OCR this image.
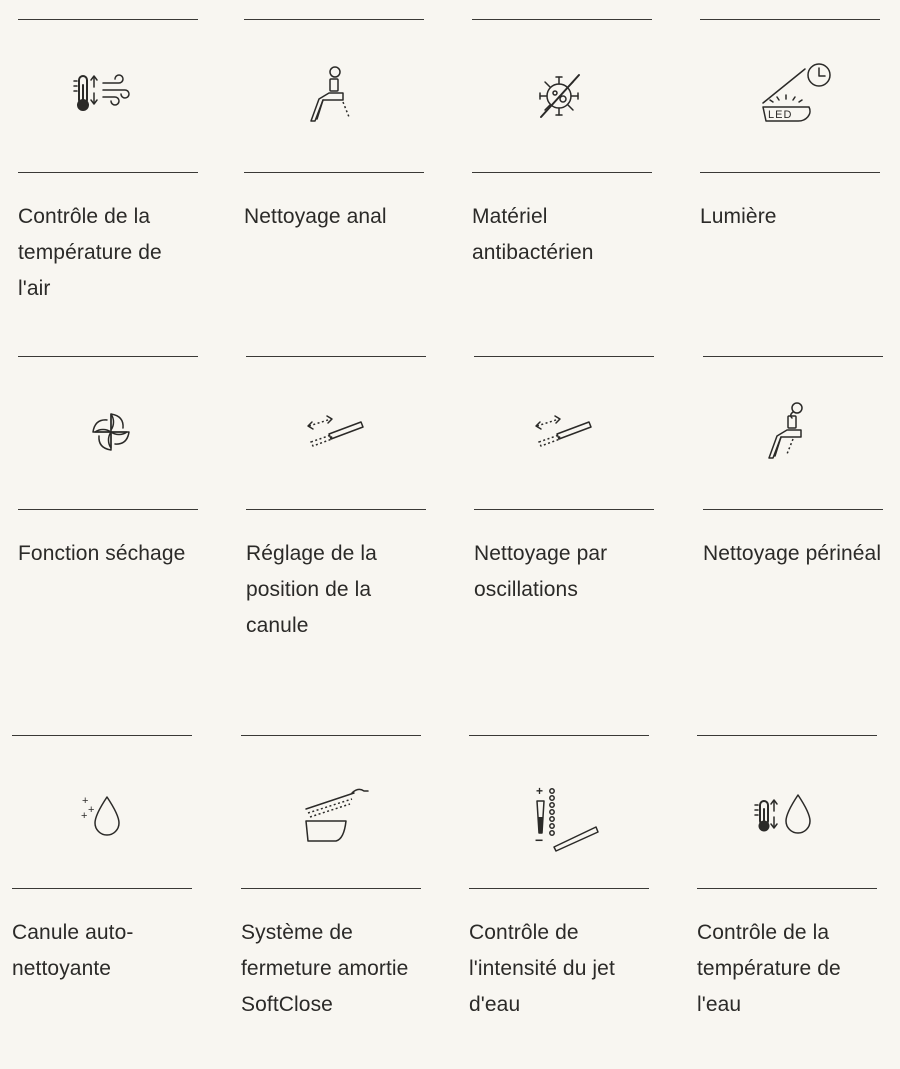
Contrôle de la température de l'air
Nettoyage anal	Matériel antibactérien
LED
Lumière
Fonction séchage	Réglage de la position de la canule
Nettoyage par oscillations
Nettoyage périnéal
+
+
+
Canule auto-nettoyante
Système de fermeture amortie SoftClose
+
−
Contrôle de l'intensité du jet d'eau
Contrôle de la température de l'eau
